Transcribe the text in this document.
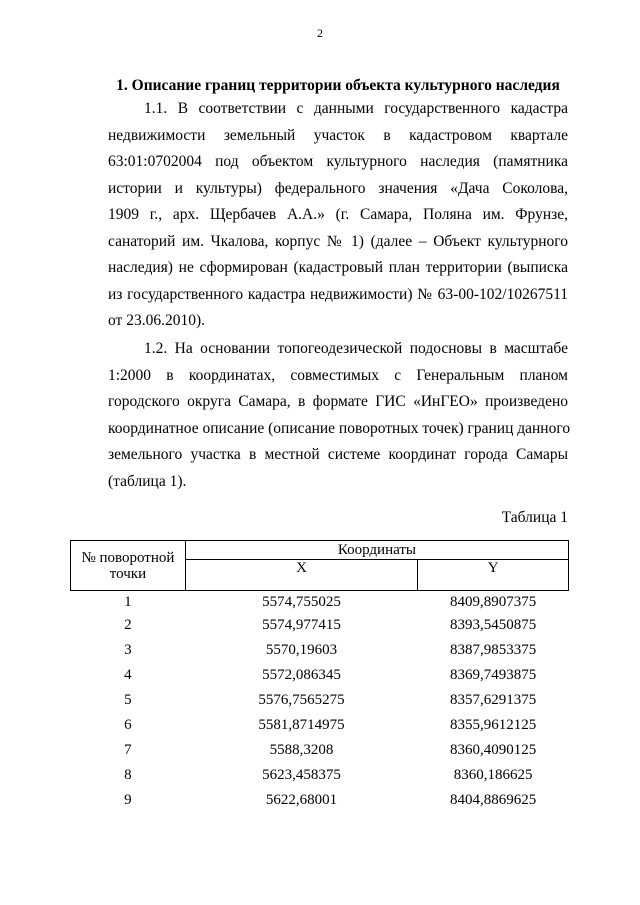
2
1. Описание границ территории объекта культурного наследия
1.1. В соответствии с данными государственного кадастра
недвижимости земельный участок в кадастровом квартале
63:01:0702004 под объектом культурного наследия (памятника
истории и культуры) федерального значения «Дача Соколова,
1909 г., арх. Щербачев А.А.» (г. Самара, Поляна им. Фрунзе,
санаторий им. Чкалова, корпус № 1) (далее – Объект культурного
наследия) не сформирован (кадастровый план территории (выписка
из государственного кадастра недвижимости) № 63-00-102/10267511
от 23.06.2010).
1.2. На основании топогеодезической подосновы в масштабе
1:2000 в координатах, совместимых с Генеральным планом
городского округа Самара, в формате ГИС «ИнГЕО» произведено
координатное описание (описание поворотных точек) границ данного
земельного участка в местной системе координат города Самары
(таблица 1).
Таблица 1
№ поворотной точки	Координаты	
	X	Y
1	5574,755025	8409,8907375
2	5574,977415	8393,5450875
3	5570,19603	8387,9853375
4	5572,086345	8369,7493875
5	5576,7565275	8357,6291375
6	5581,8714975	8355,9612125
7	5588,3208	8360,4090125
8	5623,458375	8360,186625
9	5622,68001	8404,8869625
